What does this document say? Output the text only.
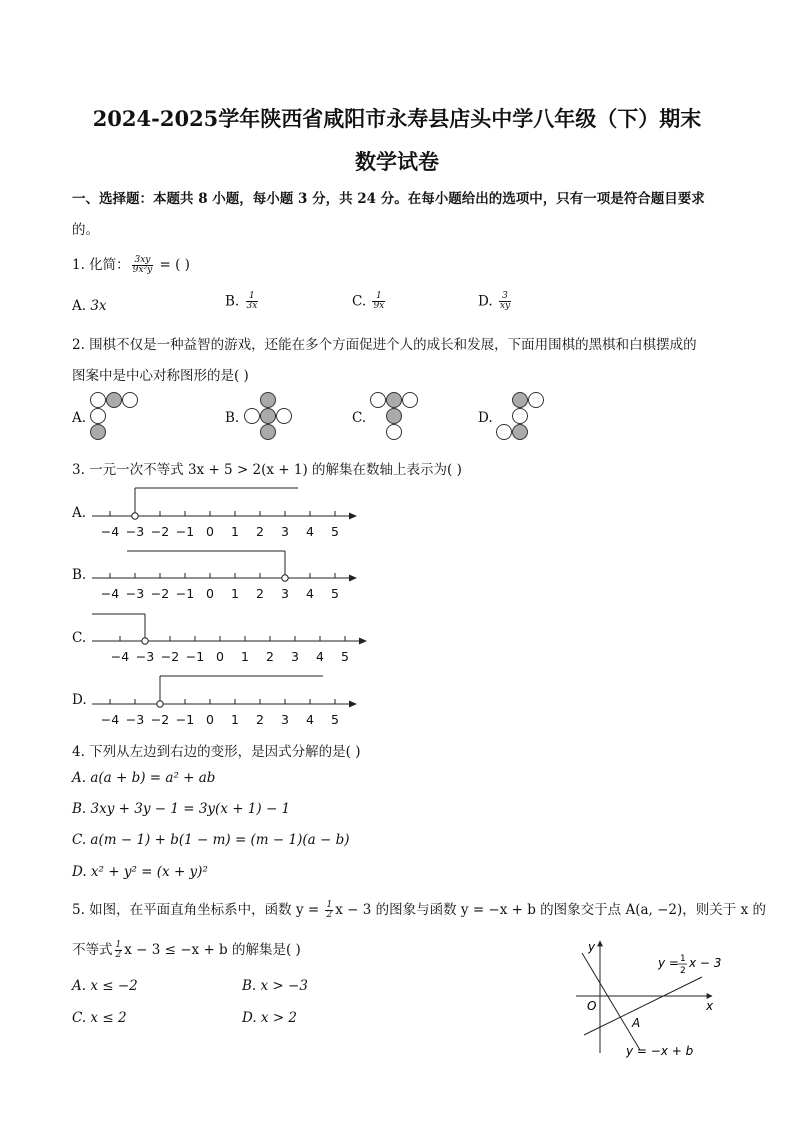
2024-2025学年陕西省咸阳市永寿县店头中学八年级（下）期末
数学试卷
一、选择题：本题共 8 小题，每小题 3 分，共 24 分。在每小题给出的选项中，只有一项是符合题目要求
的。
1. 化简： $\frac{3xy}{\text{9x²y}}$ = ( )
A. 3x	B. $\frac{1}{3x}$	C. $\frac{1}{9x}$	D. $\frac{3}{xy}$
2. 围棋不仅是一种益智的游戏，还能在多个方面促进个人的成长和发展，下面用围棋的黑棋和白棋摆成的
图案中是中心对称图形的是( )
A.	B.	C.	D.
3. 一元一次不等式 3x + 5 > 2(x + 1) 的解集在数轴上表示为( )
A.
B.
C.
D.
−4 −3 −2 −1 0 1 2 3 4 5
−4 −3 −2 −1 0 1 2 3 4 5
−4 −3 −2 −1 0 1 2 3 4 5
−4 −3 −2 −1 0 1 2 3 4 5
4. 下列从左边到右边的变形，是因式分解的是( )
A. a(a + b) = a² + ab
B. 3xy + 3y − 1 = 3y(x + 1) − 1
C. a(m − 1) + b(1 − m) = (m − 1)(a − b)
D. x² + y² = (x + y)²
5. 如图，在平面直角坐标系中，函数 $y = \frac{1}{2}$ x − 3 的图象与函数 y = −x + b 的图象交于点 A(a, −2)，则关于 x 的
不等式 $\frac{1}{2}$ x − 3 ≤ −x + b 的解集是( )
A. x ≤ −2	B. x > −3
C. x ≤ 2	D. x > 2
y
x
O
A
y = 1
2
x − 3
y = −x + b
